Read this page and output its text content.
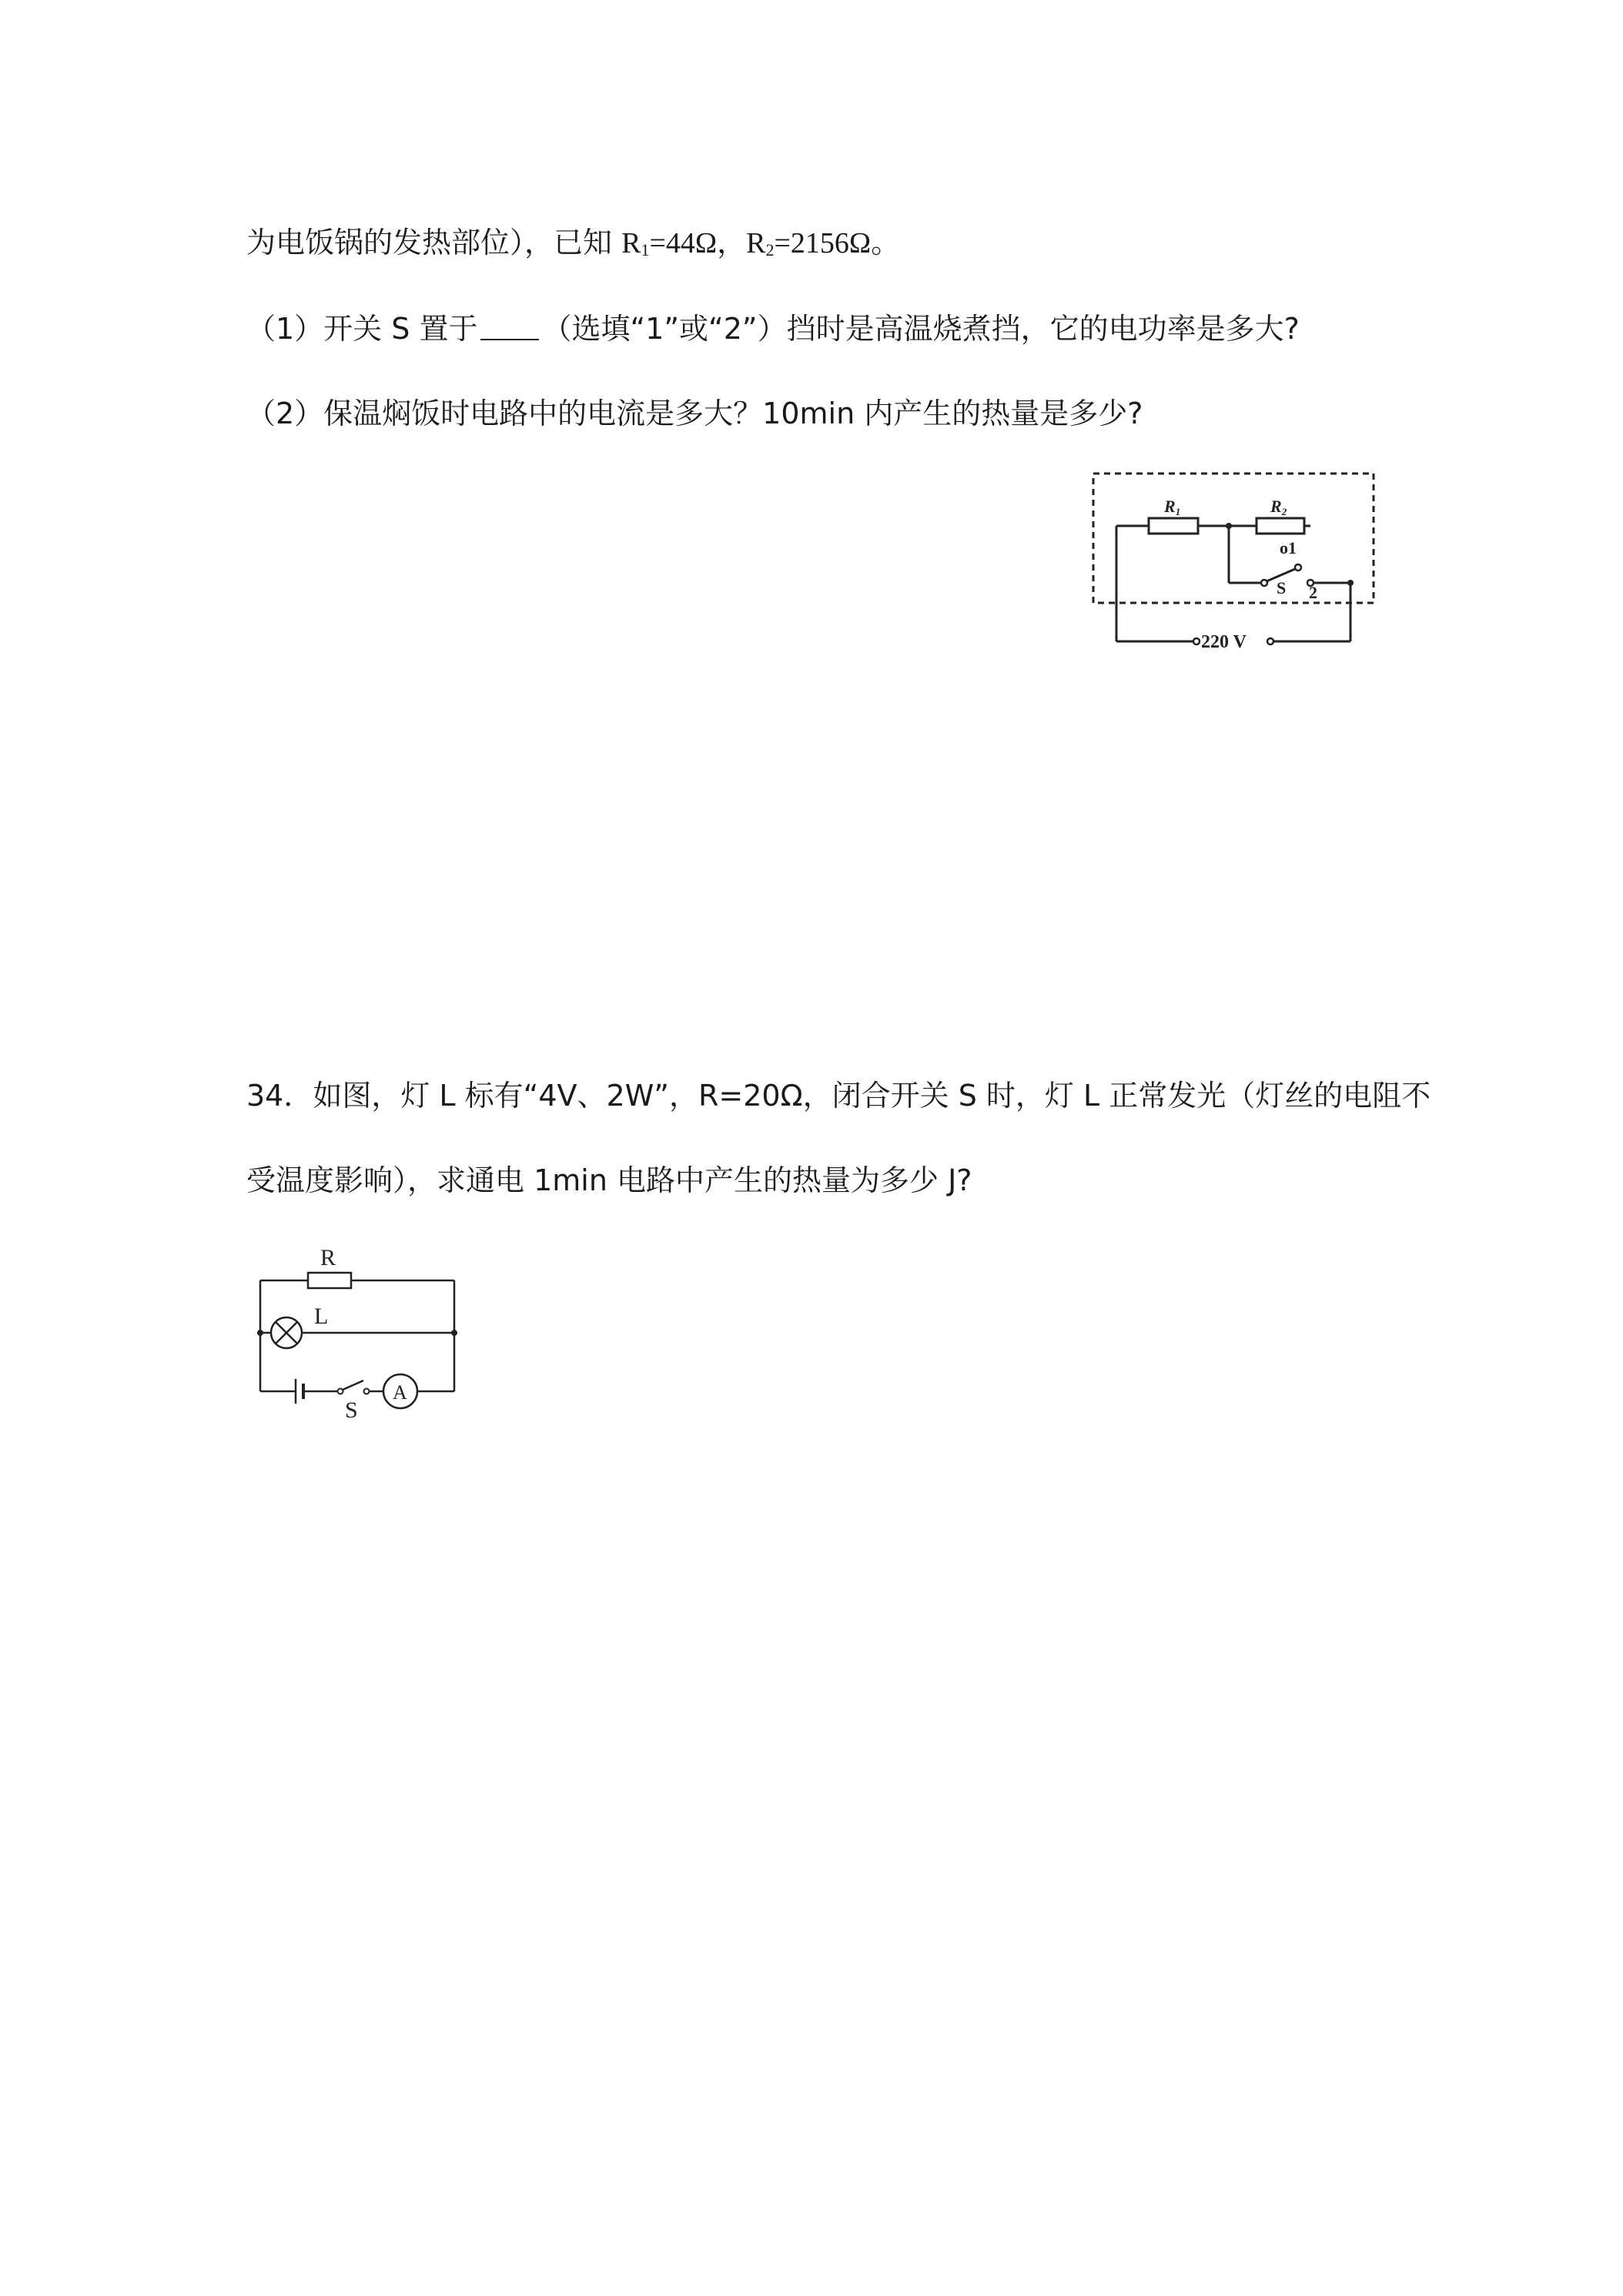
为电饭锅的发热部位），已知 $R_1=44\Omega$，$R_2=2156\Omega$。
（1）开关 S 置于 （选填“1”或“2”）挡时是高温烧煮挡，它的电功率是多大?
（2）保温焖饭时电路中的电流是多大？10min 内产生的热量是多少?
R1	R2
o1
S 2
220 V
34．如图，灯 L 标有“4V、2W”，R=20Ω，闭合开关 S 时，灯 L 正常发光（灯丝的电阻不
受温度影响），求通电 1min 电路中产生的热量为多少 J?
R
L
S
A
